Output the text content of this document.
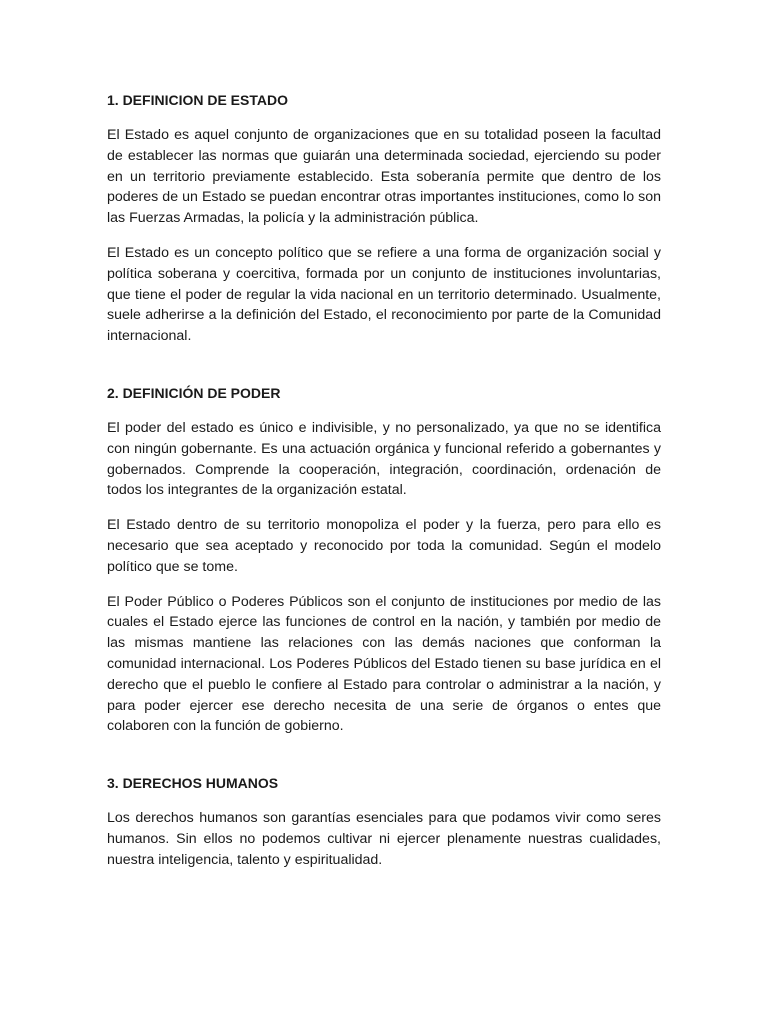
1. DEFINICION DE ESTADO

El Estado es aquel conjunto de organizaciones que en su totalidad poseen la facultad de establecer las normas que guiarán una determinada sociedad, ejerciendo su poder en un territorio previamente establecido. Esta soberanía permite que dentro de los poderes de un Estado se puedan encontrar otras importantes instituciones, como lo son las Fuerzas Armadas, la policía y la administración pública.

El Estado es un concepto político que se refiere a una forma de organización social y política soberana y coercitiva, formada por un conjunto de instituciones involuntarias, que tiene el poder de regular la vida nacional en un territorio determinado. Usualmente, suele adherirse a la definición del Estado, el reconocimiento por parte de la Comunidad internacional.

2. DEFINICIÓN DE PODER

El poder del estado es único e indivisible, y no personalizado, ya que no se identifica con ningún gobernante. Es una actuación orgánica y funcional referido a gobernantes y gobernados. Comprende la cooperación, integración, coordinación, ordenación de todos los integrantes de la organización estatal.

El Estado dentro de su territorio monopoliza el poder y la fuerza, pero para ello es necesario que sea aceptado y reconocido por toda la comunidad. Según el modelo político que se tome.

El Poder Público o Poderes Públicos son el conjunto de instituciones por medio de las cuales el Estado ejerce las funciones de control en la nación, y también por medio de las mismas mantiene las relaciones con las demás naciones que conforman la comunidad internacional. Los Poderes Públicos del Estado tienen su base jurídica en el derecho que el pueblo le confiere al Estado para controlar o administrar a la nación, y para poder ejercer ese derecho necesita de una serie de órganos o entes que colaboren con la función de gobierno.

3. DERECHOS HUMANOS

Los derechos humanos son garantías esenciales para que podamos vivir como seres humanos. Sin ellos no podemos cultivar ni ejercer plenamente nuestras cualidades, nuestra inteligencia, talento y espiritualidad.
